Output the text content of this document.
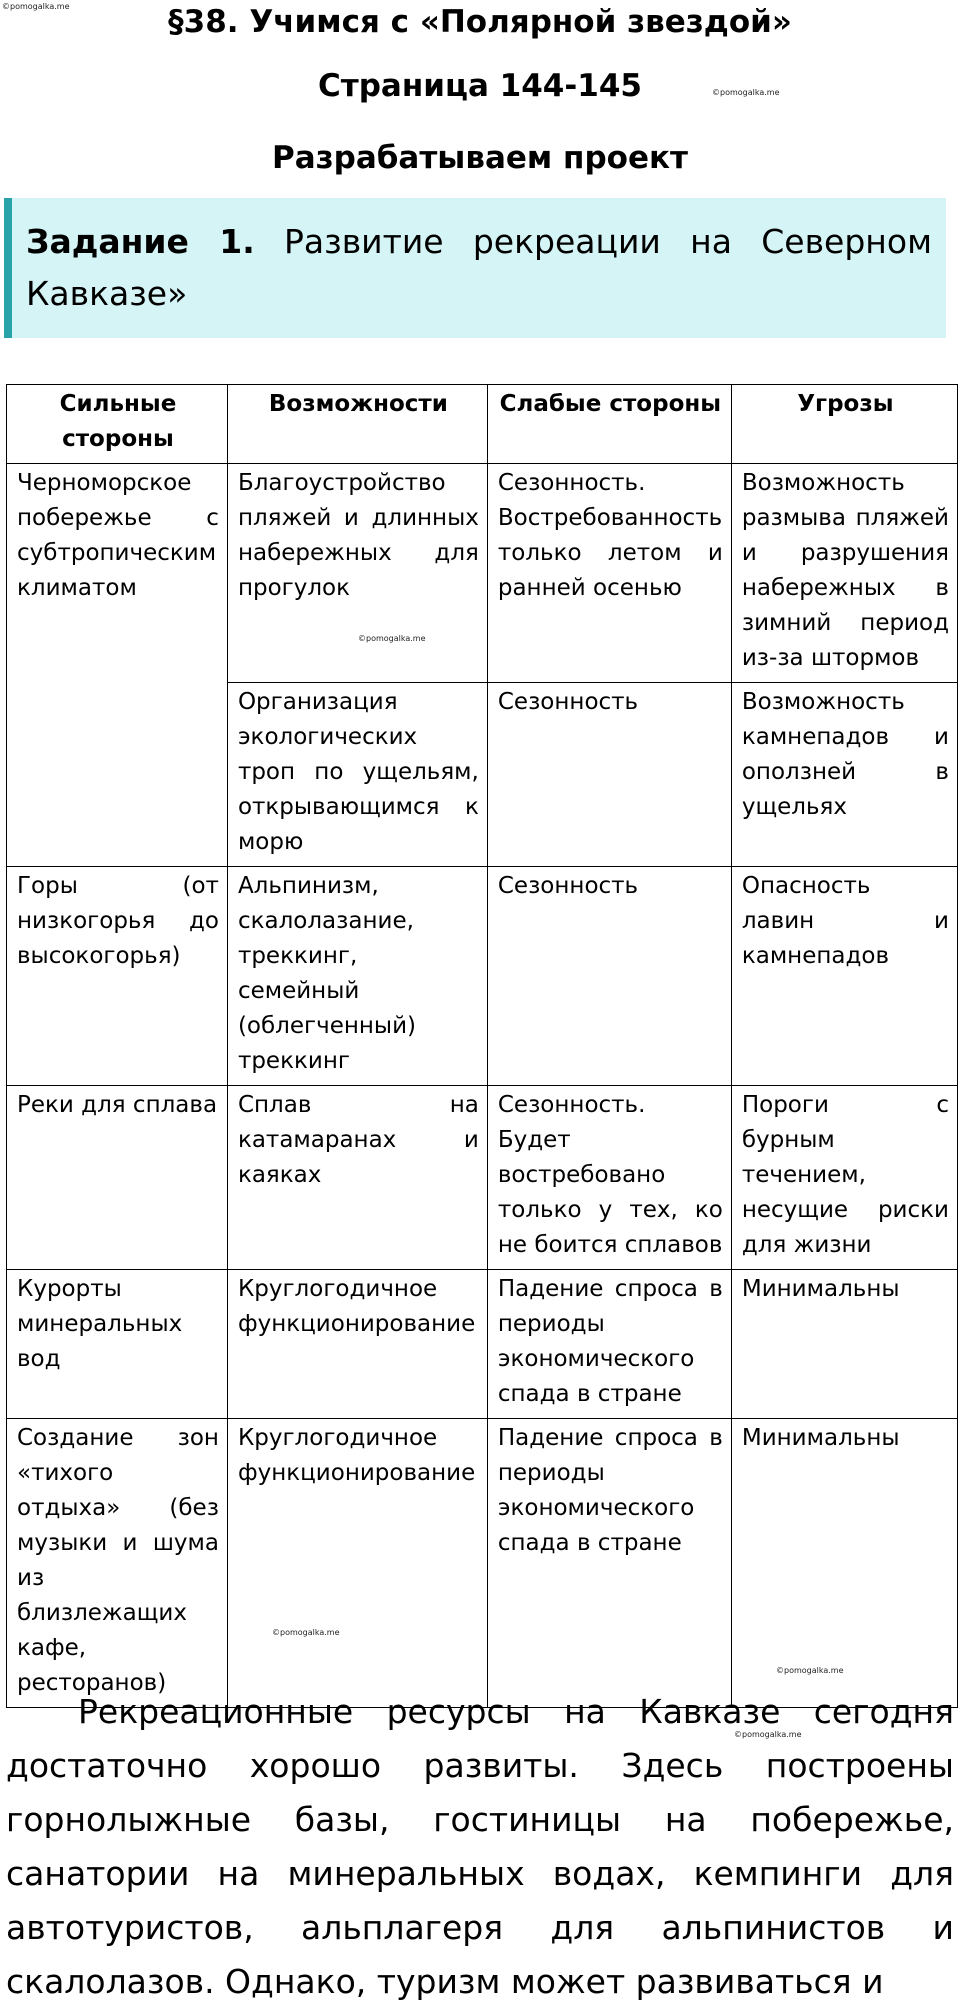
©pomogalka.me
©pomogalka.me
©pomogalka.me
©pomogalka.me
©pomogalka.me
©pomogalka.me
§38. Учимся с «Полярной звездой»
Страница 144-145
Разрабатываем проект
Задание 1. Развитие рекреации на Северном Кавказе»
Сильные стороны	Возможности	Слабые стороны	Угрозы
Черноморское побережье с субтропическим климатом	Благоустройство пляжей и длинных набережных для прогулок	Сезонность. Востребованность только летом и ранней осенью	Возможность размыва пляжей и разрушения набережных в зимний период из-за штормов
	Организация экологических троп по ущельям, открывающимся к морю	Сезонность	Возможность камнепадов и оползней в ущельях
Горы (от низкогорья до высокогорья)	Альпинизм, скалолазание, треккинг, семейный (облегченный) треккинг	Сезонность	Опасность лавин и камнепадов
Реки для сплава	Сплав на катамаранах и каяках	Сезонность. Будет востребовано только у тех, ко не боится сплавов	Пороги с бурным течением, несущие риски для жизни
Курорты минеральных вод	Круглогодичное функционирование	Падение спроса в периоды экономического спада в стране	Минимальны
Создание зон «тихого отдыха» (без музыки и шума из близлежащих кафе, ресторанов)	Круглогодичное функционирование	Падение спроса в периоды экономического спада в стране	Минимальны
Рекреационные ресурсы на Кавказе сегодня достаточно хорошо развиты. Здесь построены горнолыжные базы, гостиницы на побережье, санатории на минеральных водах, кемпинги для автотуристов, альплагеря для альпинистов и скалолазов. Однако, туризм может развиваться и
